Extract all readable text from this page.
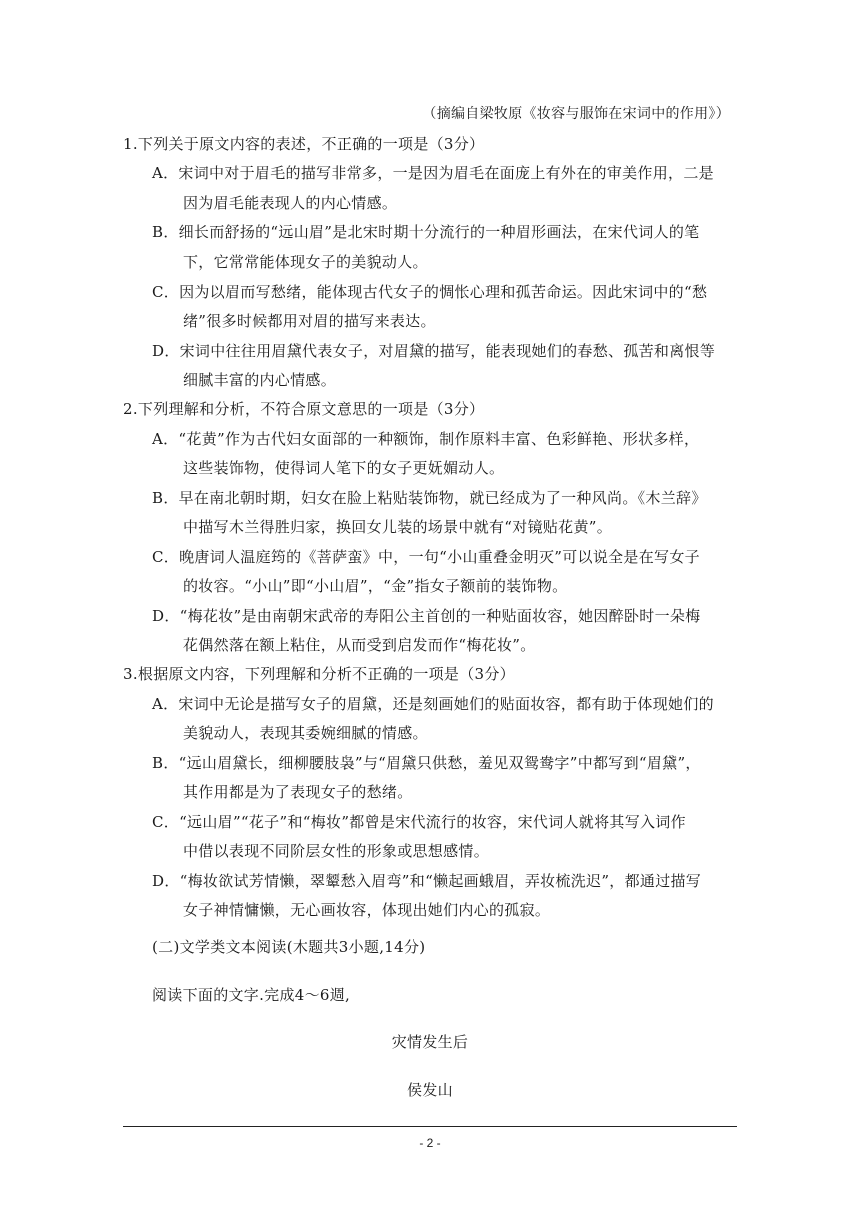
（摘编自梁牧原《妆容与服饰在宋词中的作用》）
1.下列关于原文内容的表述，不正确的一项是（3分）
A．宋词中对于眉毛的描写非常多，一是因为眉毛在面庞上有外在的审美作用，二是
因为眉毛能表现人的内心情感。
B．细长而舒扬的“远山眉”是北宋时期十分流行的一种眉形画法，在宋代词人的笔
下，它常常能体现女子的美貌动人。
C．因为以眉而写愁绪，能体现古代女子的惆怅心理和孤苦命运。因此宋词中的“愁
绪”很多时候都用对眉的描写来表达。
D．宋词中往往用眉黛代表女子，对眉黛的描写，能表现她们的春愁、孤苦和离恨等
细腻丰富的内心情感。
2.下列理解和分析，不符合原文意思的一项是（3分）
A．“花黄”作为古代妇女面部的一种额饰，制作原料丰富、色彩鲜艳、形状多样，
这些装饰物，使得词人笔下的女子更妩媚动人。
B．早在南北朝时期，妇女在脸上粘贴装饰物，就已经成为了一种风尚。《木兰辞》
中描写木兰得胜归家，换回女儿装的场景中就有“对镜贴花黄”。
C．晚唐词人温庭筠的《菩萨蛮》中，一句“小山重叠金明灭”可以说全是在写女子
的妆容。“小山”即“小山眉”，“金”指女子额前的装饰物。
D．“梅花妆”是由南朝宋武帝的寿阳公主首创的一种贴面妆容，她因醉卧时一朵梅
花偶然落在额上粘住，从而受到启发而作“梅花妆”。
3.根据原文内容，下列理解和分析不正确的一项是（3分）
A．宋词中无论是描写女子的眉黛，还是刻画她们的贴面妆容，都有助于体现她们的
美貌动人，表现其委婉细腻的情感。
B．“远山眉黛长，细柳腰肢袅”与“眉黛只供愁，羞见双鸳鸯字”中都写到“眉黛”，
其作用都是为了表现女子的愁绪。
C．“远山眉”“花子”和“梅妆”都曾是宋代流行的妆容，宋代词人就将其写入词作
中借以表现不同阶层女性的形象或思想感情。
D．“梅妆欲试芳情懒，翠颦愁入眉弯”和“懒起画蛾眉，弄妆梳洗迟”，都通过描写
女子神情慵懒，无心画妆容，体现出她们内心的孤寂。
(二)文学类文本阅读(木题共3小题,14分)
阅读下面的文字.完成4～6週,
灾情发生后
侯发山
- 2 -
